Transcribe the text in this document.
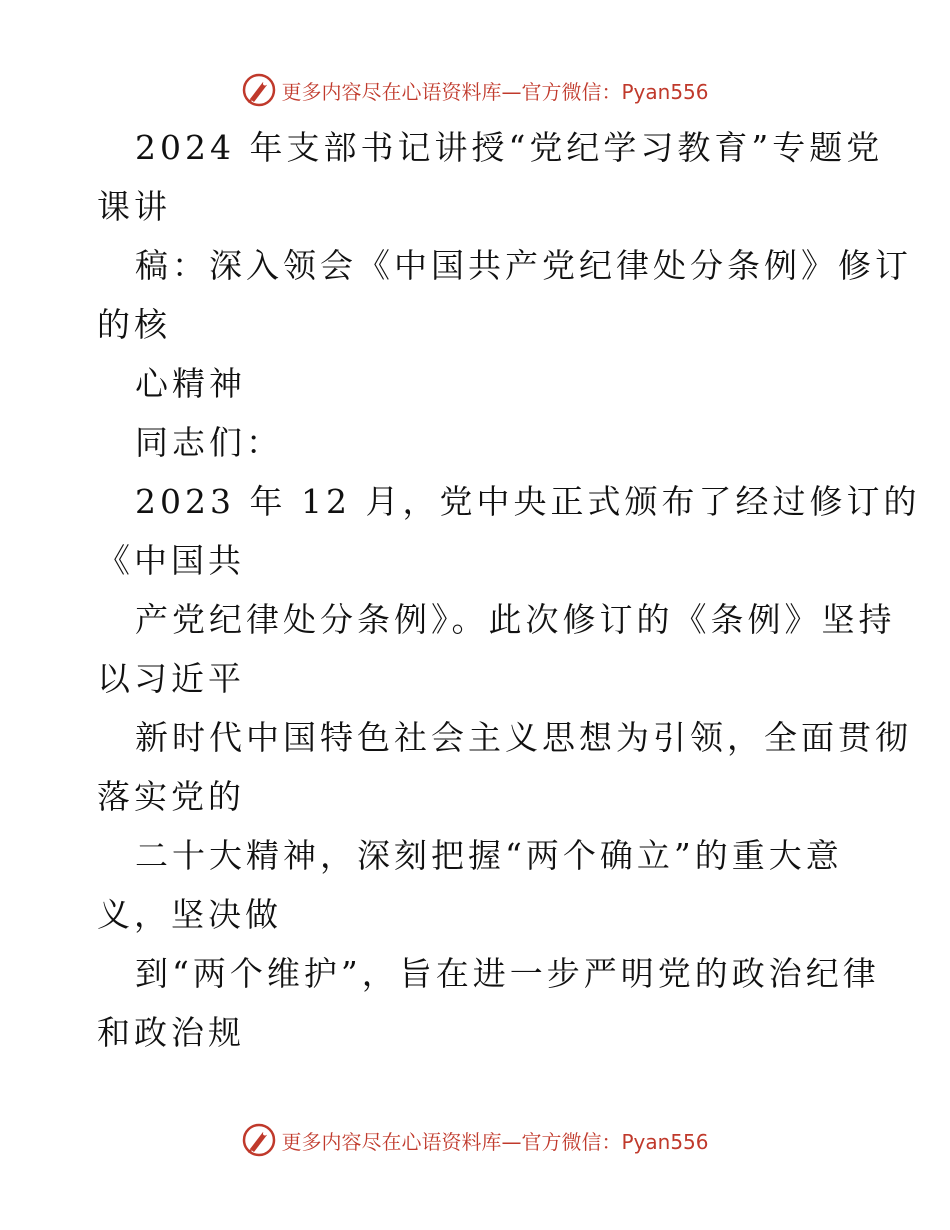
更多内容尽在心语资料库—官方微信：Pyan556
2024 年支部书记讲授“党纪学习教育”专题党
课讲
稿：深入领会《中国共产党纪律处分条例》修订
的核
心精神
同志们：
2023 年 12 月，党中央正式颁布了经过修订的
《中国共
产党纪律处分条例》。此次修订的《条例》坚持
以习近平
新时代中国特色社会主义思想为引领，全面贯彻
落实党的
二十大精神，深刻把握“两个确立”的重大意
义，坚决做
到“两个维护”，旨在进一步严明党的政治纪律
和政治规
更多内容尽在心语资料库—官方微信：Pyan556
